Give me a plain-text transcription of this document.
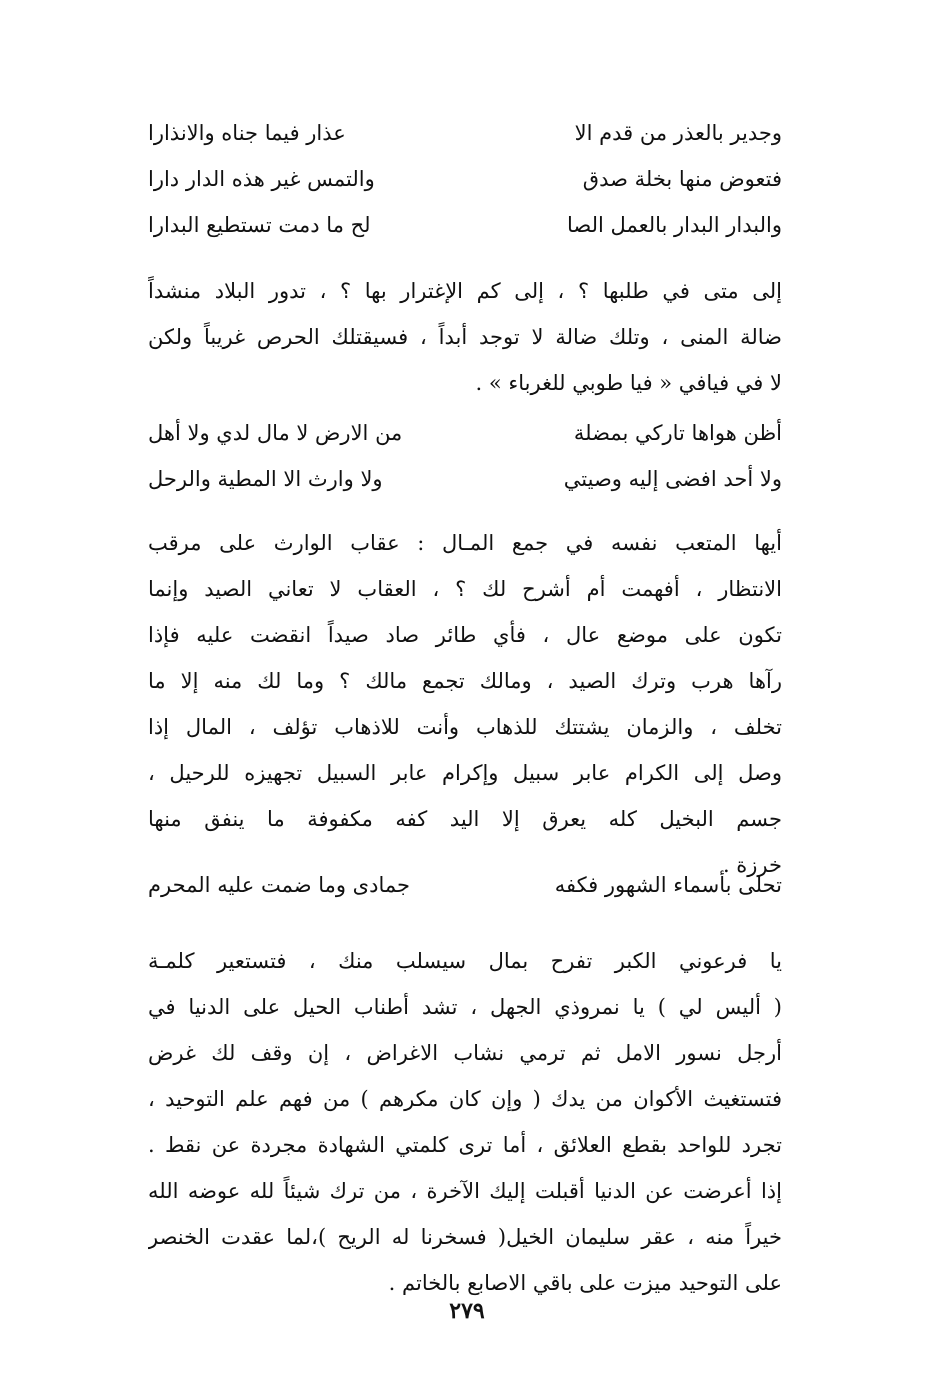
وجدير بالعذر من قدم الا
عذار فيما جناه والانذارا
فتعوض منها بخلة صدق
والتمس غير هذه الدار دارا
والبدار البدار بالعمل الصا
لح ما دمت تستطيع البدارا
إلى متى في طلبها ؟ ، إلى كم الإغترار بها ؟ ، تدور البلاد منشداً
ضالة المنى ، وتلك ضالة لا توجد أبداً ، فسيقتلك الحرص غريباً ولكن
لا في فيافي « فيا طوبي للغرباء » .
أظن هواها تاركي بمضلة
من الارض لا مال لدي ولا أهل
ولا أحد افضى إليه وصيتي
ولا وارث الا المطية والرحل
أيها المتعب نفسه في جمع المـال : عقاب الوارث على مرقب
الانتظار ، أفهمت أم أشرح لك ؟ ، العقاب لا تعاني الصيد وإنما
تكون على موضع عال ، فأي طائر صاد صيداً انقضت عليه فإذا
رآها هرب وترك الصيد ، ومالك تجمع مالك ؟ وما لك منه إلا ما
تخلف ، والزمان يشتتك للذهاب وأنت للاذهاب تؤلف ، المال إذا
وصل إلى الكرام عابر سبيل وإكرام عابر السبيل تجهيزه للرحيل ،
جسم البخيل كله يعرق إلا اليد كفه مكفوفة ما ينفق منها
خرزة .
تحلى بأسماء الشهور فكفه
جمادى وما ضمت عليه المحرم
يا فرعوني الكبر تفرح بمال سيسلب منك ، فتستعير كلمـة
( أليس لي ) يا نمروذي الجهل ، تشد أطناب الحيل على الدنيا في
أرجل نسور الامل ثم ترمي نشاب الاغراض ، إن وقف لك غرض
فتستغيث الأكوان من يدك ( وإن كان مكرهم ) من فهم علم التوحيد ،
تجرد للواحد بقطع العلائق ، أما ترى كلمتي الشهادة مجردة عن نقط .
إذا أعرضت عن الدنيا أقبلت إليك الآخرة ، من ترك شيئاً لله عوضه الله
خيراً منه ، عقر سليمان الخيل( فسخرنا له الريح )،لما عقدت الخنصر
على التوحيد ميزت على باقي الاصابع بالخاتم .
٢٧٩
